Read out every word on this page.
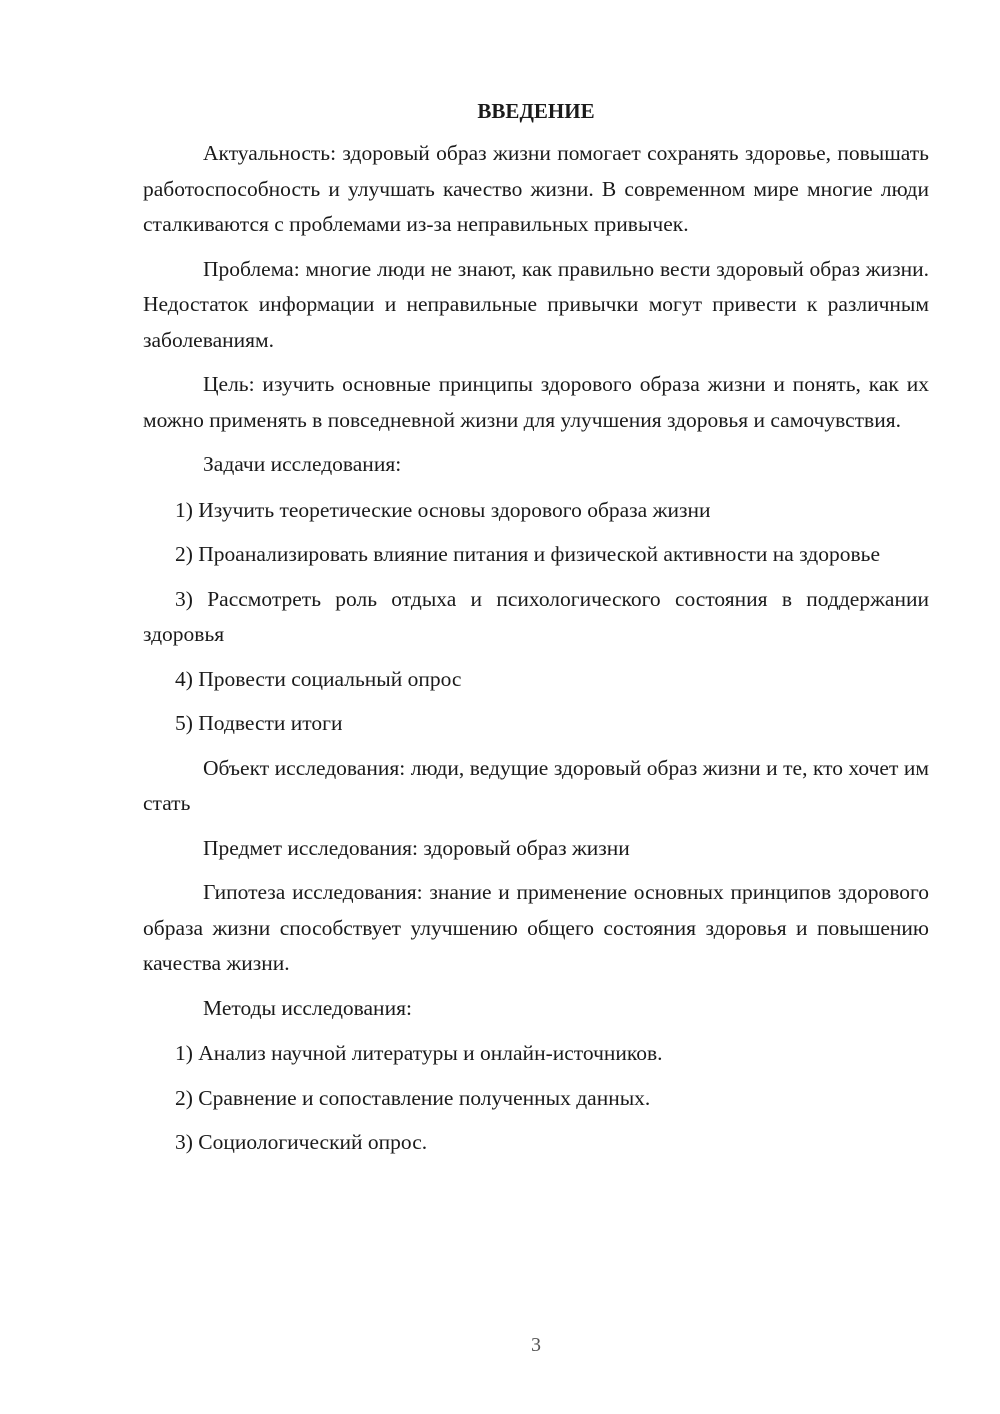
ВВЕДЕНИЕ

Актуальность: здоровый образ жизни помогает сохранять здоровье, повышать работоспособность и улучшать качество жизни. В современном мире многие люди сталкиваются с проблемами из-за неправильных привычек.

Проблема: многие люди не знают, как правильно вести здоровый образ жизни. Недостаток информации и неправильные привычки могут привести к различным заболеваниям.

Цель: изучить основные принципы здорового образа жизни и понять, как их можно применять в повседневной жизни для улучшения здоровья и самочувствия.

Задачи исследования:

1) Изучить теоретические основы здорового образа жизни

2) Проанализировать влияние питания и физической активности на здоровье

3) Рассмотреть роль отдыха и психологического состояния в поддержании здоровья

4) Провести социальный опрос

5) Подвести итоги

Объект исследования: люди, ведущие здоровый образ жизни и те, кто хочет им стать

Предмет исследования: здоровый образ жизни

Гипотеза исследования: знание и применение основных принципов здорового образа жизни способствует улучшению общего состояния здоровья и повышению качества жизни.

Методы исследования:

1) Анализ научной литературы и онлайн-источников.

2) Сравнение и сопоставление полученных данных.

3) Социологический опрос.

3
